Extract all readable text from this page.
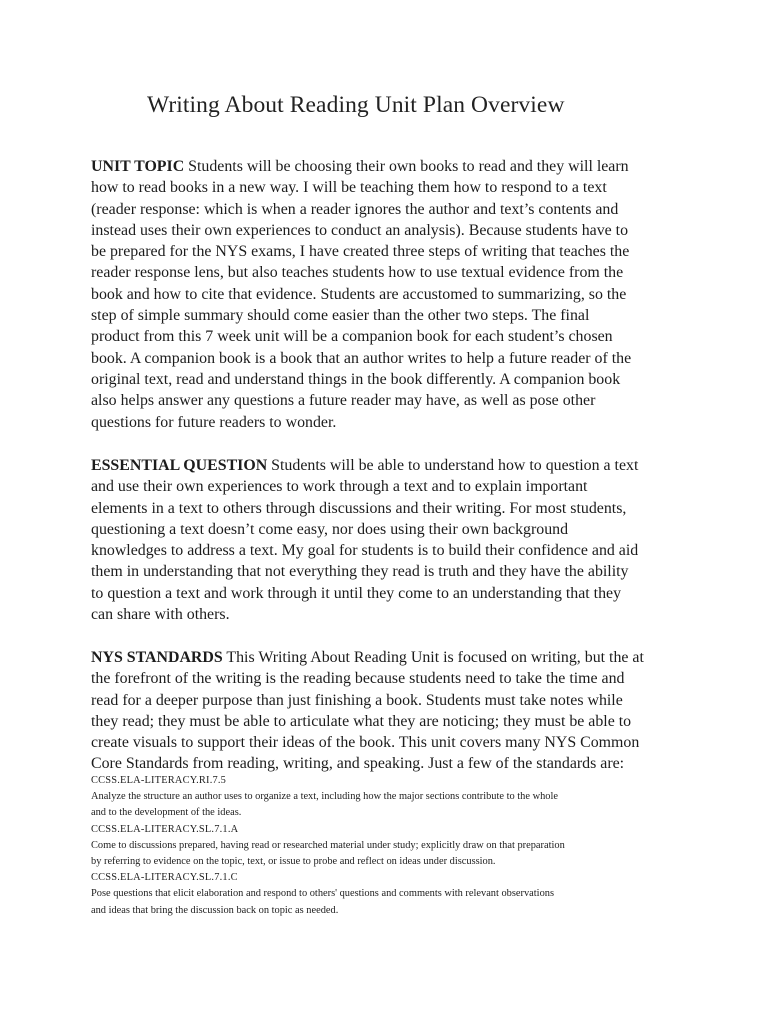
Writing About Reading Unit Plan Overview
UNIT TOPIC Students will be choosing their own books to read and they will learn
how to read books in a new way. I will be teaching them how to respond to a text
(reader response: which is when a reader ignores the author and text’s contents and
instead uses their own experiences to conduct an analysis). Because students have to
be prepared for the NYS exams, I have created three steps of writing that teaches the
reader response lens, but also teaches students how to use textual evidence from the
book and how to cite that evidence. Students are accustomed to summarizing, so the
step of simple summary should come easier than the other two steps. The final
product from this 7 week unit will be a companion book for each student’s chosen
book. A companion book is a book that an author writes to help a future reader of the
original text, read and understand things in the book differently. A companion book
also helps answer any questions a future reader may have, as well as pose other
questions for future readers to wonder.
ESSENTIAL QUESTION Students will be able to understand how to question a text
and use their own experiences to work through a text and to explain important
elements in a text to others through discussions and their writing. For most students,
questioning a text doesn’t come easy, nor does using their own background
knowledges to address a text. My goal for students is to build their confidence and aid
them in understanding that not everything they read is truth and they have the ability
to question a text and work through it until they come to an understanding that they
can share with others.
NYS STANDARDS This Writing About Reading Unit is focused on writing, but the at
the forefront of the writing is the reading because students need to take the time and
read for a deeper purpose than just finishing a book. Students must take notes while
they read; they must be able to articulate what they are noticing; they must be able to
create visuals to support their ideas of the book. This unit covers many NYS Common
Core Standards from reading, writing, and speaking. Just a few of the standards are:
CCSS.ELA-LITERACY.RI.7.5
Analyze the structure an author uses to organize a text, including how the major sections contribute to the whole
and to the development of the ideas.
CCSS.ELA-LITERACY.SL.7.1.A
Come to discussions prepared, having read or researched material under study; explicitly draw on that preparation
by referring to evidence on the topic, text, or issue to probe and reflect on ideas under discussion.
CCSS.ELA-LITERACY.SL.7.1.C
Pose questions that elicit elaboration and respond to others' questions and comments with relevant observations
and ideas that bring the discussion back on topic as needed.
